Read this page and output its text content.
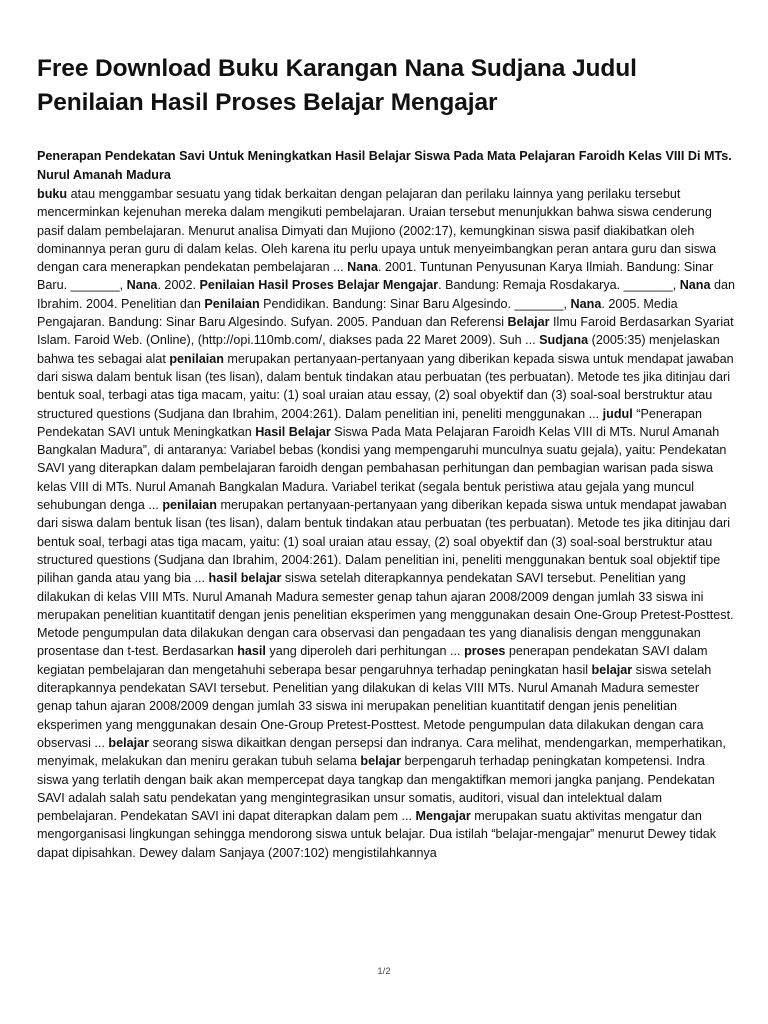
Free Download Buku Karangan Nana Sudjana Judul Penilaian Hasil Proses Belajar Mengajar
Penerapan Pendekatan Savi Untuk Meningkatkan Hasil Belajar Siswa Pada Mata Pelajaran Faroidh Kelas VIII Di MTs. Nurul Amanah Madura

buku atau menggambar sesuatu yang tidak berkaitan dengan pelajaran dan perilaku lainnya yang perilaku tersebut mencerminkan kejenuhan mereka dalam mengikuti pembelajaran. Uraian tersebut menunjukkan bahwa siswa cenderung pasif dalam pembelajaran. Menurut analisa Dimyati dan Mujiono (2002:17), kemungkinan siswa pasif diakibatkan oleh dominannya peran guru di dalam kelas. Oleh karena itu perlu upaya untuk menyeimbangkan peran antara guru dan siswa dengan cara menerapkan pendekatan pembelajaran ... Nana. 2001. Tuntunan Penyusunan Karya Ilmiah. Bandung: Sinar Baru. _______, Nana. 2002. Penilaian Hasil Proses Belajar Mengajar. Bandung: Remaja Rosdakarya. _______, Nana dan Ibrahim. 2004. Penelitian dan Penilaian Pendidikan. Bandung: Sinar Baru Algesindo. _______, Nana. 2005. Media Pengajaran. Bandung: Sinar Baru Algesindo. Sufyan. 2005. Panduan dan Referensi Belajar Ilmu Faroid Berdasarkan Syariat Islam. Faroid Web. (Online), (http://opi.110mb.com/, diakses pada 22 Maret 2009). Suh ... Sudjana (2005:35) menjelaskan bahwa tes sebagai alat penilaian merupakan pertanyaan-pertanyaan yang diberikan kepada siswa untuk mendapat jawaban dari siswa dalam bentuk lisan (tes lisan), dalam bentuk tindakan atau perbuatan (tes perbuatan). Metode tes jika ditinjau dari bentuk soal, terbagi atas tiga macam, yaitu: (1) soal uraian atau essay, (2) soal obyektif dan (3) soal-soal berstruktur atau structured questions (Sudjana dan Ibrahim, 2004:261). Dalam penelitian ini, peneliti menggunakan ... judul “Penerapan Pendekatan SAVI untuk Meningkatkan Hasil Belajar Siswa Pada Mata Pelajaran Faroidh Kelas VIII di MTs. Nurul Amanah Bangkalan Madura”, di antaranya: Variabel bebas (kondisi yang mempengaruhi munculnya suatu gejala), yaitu: Pendekatan SAVI yang diterapkan dalam pembelajaran faroidh dengan pembahasan perhitungan dan pembagian warisan pada siswa kelas VIII di MTs. Nurul Amanah Bangkalan Madura. Variabel terikat (segala bentuk peristiwa atau gejala yang muncul sehubungan denga ... penilaian merupakan pertanyaan-pertanyaan yang diberikan kepada siswa untuk mendapat jawaban dari siswa dalam bentuk lisan (tes lisan), dalam bentuk tindakan atau perbuatan (tes perbuatan). Metode tes jika ditinjau dari bentuk soal, terbagi atas tiga macam, yaitu: (1) soal uraian atau essay, (2) soal obyektif dan (3) soal-soal berstruktur atau structured questions (Sudjana dan Ibrahim, 2004:261). Dalam penelitian ini, peneliti menggunakan bentuk soal objektif tipe pilihan ganda atau yang bia ... hasil belajar siswa setelah diterapkannya pendekatan SAVI tersebut. Penelitian yang dilakukan di kelas VIII MTs. Nurul Amanah Madura semester genap tahun ajaran 2008/2009 dengan jumlah 33 siswa ini merupakan penelitian kuantitatif dengan jenis penelitian eksperimen yang menggunakan desain One-Group Pretest-Posttest. Metode pengumpulan data dilakukan dengan cara observasi dan pengadaan tes yang dianalisis dengan menggunakan prosentase dan t-test. Berdasarkan hasil yang diperoleh dari perhitungan ... proses penerapan pendekatan SAVI dalam kegiatan pembelajaran dan mengetahuhi seberapa besar pengaruhnya terhadap peningkatan hasil belajar siswa setelah diterapkannya pendekatan SAVI tersebut. Penelitian yang dilakukan di kelas VIII MTs. Nurul Amanah Madura semester genap tahun ajaran 2008/2009 dengan jumlah 33 siswa ini merupakan penelitian kuantitatif dengan jenis penelitian eksperimen yang menggunakan desain One-Group Pretest-Posttest. Metode pengumpulan data dilakukan dengan cara observasi ... belajar seorang siswa dikaitkan dengan persepsi dan indranya. Cara melihat, mendengarkan, memperhatikan, menyimak, melakukan dan meniru gerakan tubuh selama belajar berpengaruh terhadap peningkatan kompetensi. Indra siswa yang terlatih dengan baik akan mempercepat daya tangkap dan mengaktifkan memori jangka panjang. Pendekatan SAVI adalah salah satu pendekatan yang mengintegrasikan unsur somatis, auditori, visual dan intelektual dalam pembelajaran. Pendekatan SAVI ini dapat diterapkan dalam pem ... Mengajar merupakan suatu aktivitas mengatur dan mengorganisasi lingkungan sehingga mendorong siswa untuk belajar. Dua istilah “belajar-mengajar” menurut Dewey tidak dapat dipisahkan. Dewey dalam Sanjaya (2007:102) mengistilahkannya

1/2
